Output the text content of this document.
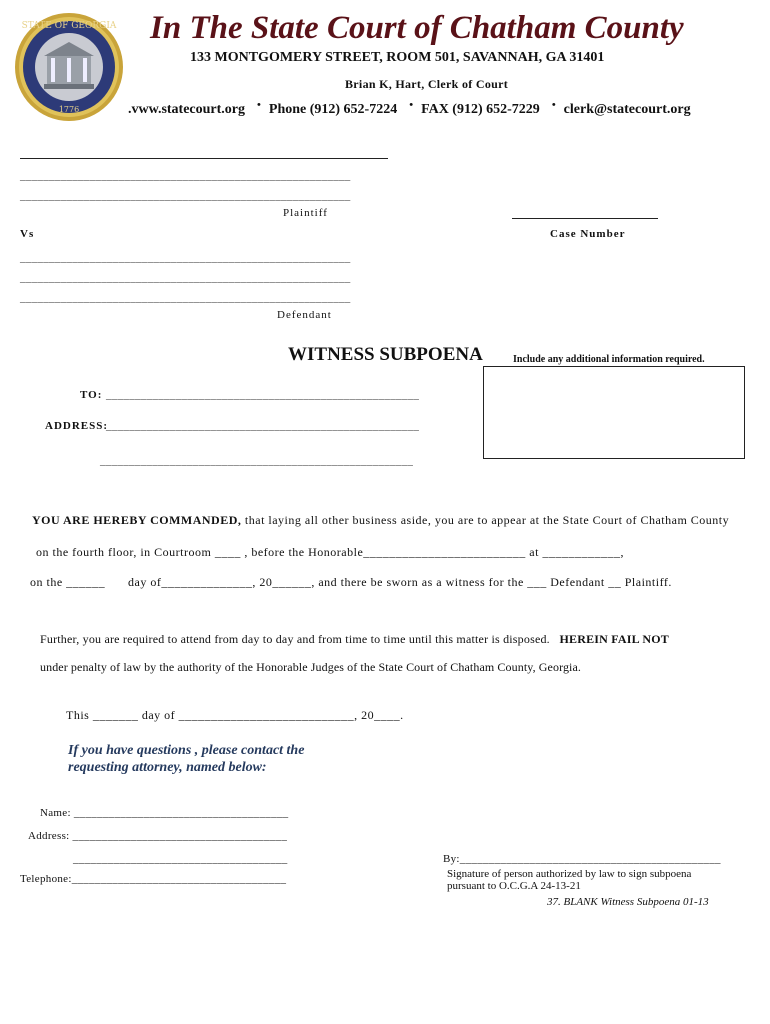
STATE OF GEORGIA
1776
In The State Court of Chatham County
133 MONTGOMERY STREET, ROOM 501, SAVANNAH, GA 31401
Brian K, Hart, Clerk of Court
.vww.statecourt.org • Phone (912) 652-7224 • FAX (912) 652-7229 • clerk@statecourt.org
_________________________________________________________
_________________________________________________________
Plaintiff
Vs	Case Number
_________________________________________________________
_________________________________________________________
_________________________________________________________
Defendant
WITNESS SUBPOENA	Include any additional information required.
TO: ______________________________________________________
ADDRESS:
______________________________________________________
______________________________________________________
YOU ARE HEREBY COMMANDED, that laying all other business aside, you are to appear at the State Court of Chatham County
on the fourth floor, in Courtroom ____ , before the Honorable_________________________ at ____________,
on the ______ day of______________, 20______, and there be sworn as a witness for the ___ Defendant __ Plaintiff.
Further, you are required to attend from day to day and from time to time until this matter is disposed. HEREIN FAIL NOT
under penalty of law by the authority of the Honorable Judges of the State Court of Chatham County, Georgia.
This _______ day of ___________________________, 20____.
If you have questions , please contact the requesting attorney, named below:
Name: _____________________________________
Address: _____________________________________
_____________________________________
Telephone:_____________________________________
By:_____________________________________________
Signature of person authorized by law to sign subpoena
pursuant to O.C.G.A 24-13-21
37. BLANK Witness Subpoena 01-13
